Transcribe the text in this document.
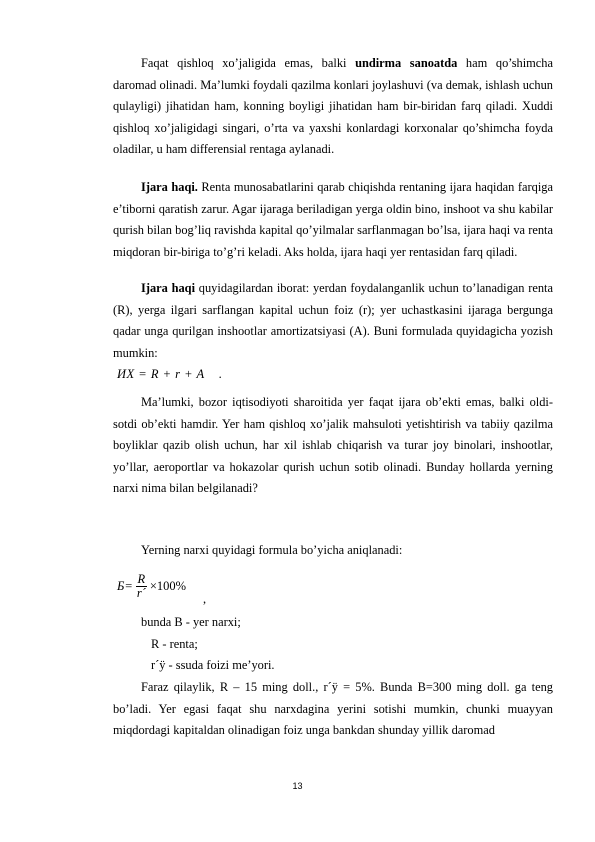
Faqat qishloq xo’jaligida emas, balki undirma sanoatda ham qo’shimcha daromad olinadi. Ma’lumki foydali qazilma konlari joylashuvi (va demak, ishlash uchun qulayligi) jihatidan ham, konning boyligi jihatidan ham bir-biridan farq qiladi. Xuddi qishloq xo’jaligidagi singari, o’rta va yaxshi konlardagi korxonalar qo’shimcha foyda oladilar, u ham differensial rentaga aylanadi.

Ijara haqi. Renta munosabatlarini qarab chiqishda rentaning ijara haqidan farqiga e’tiborni qaratish zarur. Agar ijaraga beriladigan yerga oldin bino, inshoot va shu kabilar qurish bilan bog’liq ravishda kapital qo’yilmalar sarflanmagan bo’lsa, ijara haqi va renta miqdoran bir-biriga to’g’ri keladi. Aks holda, ijara haqi yer rentasidan farq qiladi.

Ijara haqi quyidagilardan iborat: yerdan foydalanganlik uchun to’lanadigan renta (R), yerga ilgari sarflangan kapital uchun foiz (r); yer uchastkasini ijaraga bergunga qadar unga qurilgan inshootlar amortizatsiyasi (A). Buni formulada quyidagicha yozish mumkin:

ИХ = R + r + A .

Ma’lumki, bozor iqtisodiyoti sharoitida yer faqat ijara ob’ekti emas, balki oldi-sotdi ob’ekti hamdir. Yer ham qishloq xo’jalik mahsuloti yetishtirish va tabiiy qazilma boyliklar qazib olish uchun, har xil ishlab chiqarish va turar joy binolari, inshootlar, yo’llar, aeroportlar va hokazolar qurish uchun sotib olinadi. Bunday hollarda yerning narxi nima bilan belgilanadi?

Yerning narxi quyidagi formula bo’yicha aniqlanadi:

$Б= \frac{R}{r´} \times 100\%$
,

bunda B - yer narxi;

R - renta;

r´ÿ - ssuda foizi me’yori.

Faraz qilaylik, R – 15 ming doll., r´ÿ = 5%. Bunda B=300 ming doll. ga teng bo’ladi. Yer egasi faqat shu narxdagina yerini sotishi mumkin, chunki muayyan miqdordagi kapitaldan olinadigan foiz unga bankdan shunday yillik daromad

13
